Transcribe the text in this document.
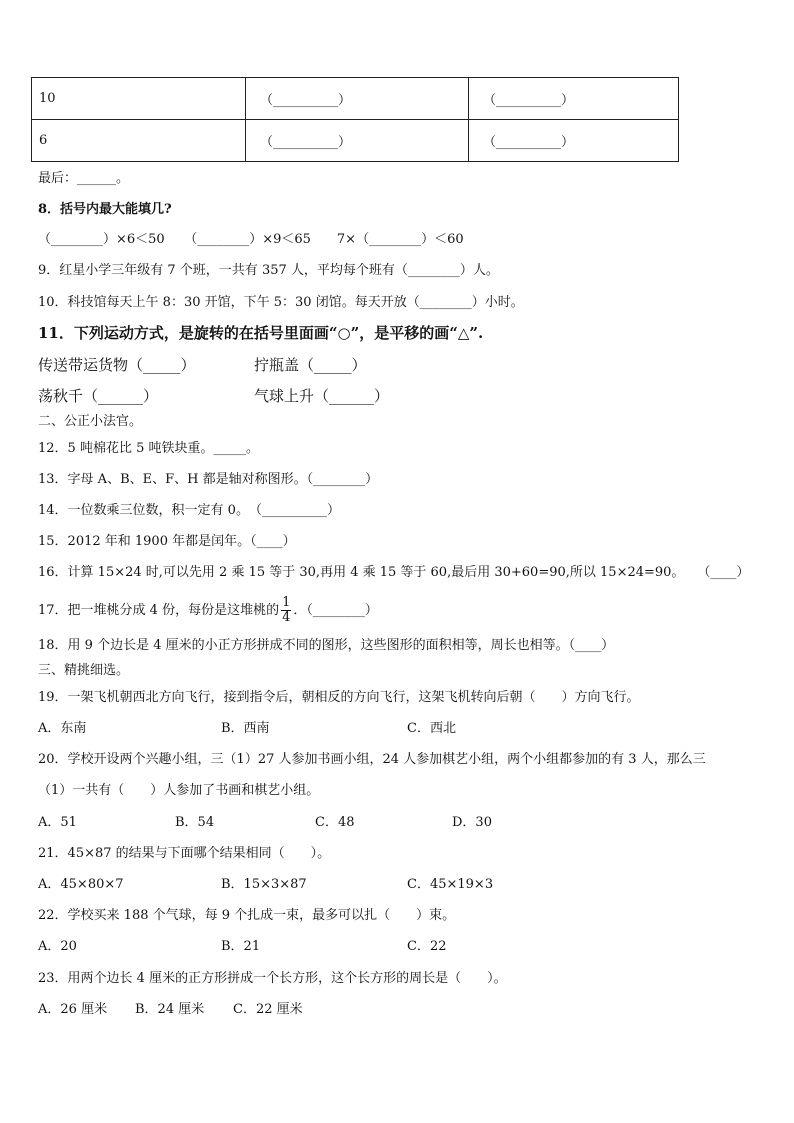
10	（__________）	（__________）
6	（__________）	（__________）
最后：______。
8．括号内最大能填几?
（________）×6＜50　　（________）×9＜65　　7×（________）＜60
9．红星小学三年级有 7 个班，一共有 357 人，平均每个班有（________）人。
10．科技馆每天上午 8：30 开馆，下午 5：30 闭馆。每天开放（________）小时。
11．下列运动方式，是旋转的在括号里面画“○”，是平移的画“△”.
传送带运货物（_____）	拧瓶盖（_____）
荡秋千（______）	气球上升（______）
二、公正小法官。
12．5 吨棉花比 5 吨铁块重。_____。
13．字母 A、B、E、F、H 都是轴对称图形。（________）
14．一位数乘三位数，积一定有 0。　（__________）
15．2012 年和 1900 年都是闰年。（____）
16．计算 15×24 时,可以先用 2 乘 15 等于 30,再用 4 乘 15 等于 60,最后用 30+60=90,所以 15×24=90。　　（____）
17．把一堆桃分成 4 份，每份是这堆桃的 $\frac{1}{4}$ ．（________）
18．用 9 个边长是 4 厘米的小正方形拼成不同的图形，这些图形的面积相等，周长也相等。（____）
三、精挑细选。
19．一架飞机朝西北方向飞行，接到指令后，朝相反的方向飞行，这架飞机转向后朝（　　）方向飞行。
A．东南	B．西南	C．西北
20．学校开设两个兴趣小组，三（1）27 人参加书画小组，24 人参加棋艺小组，两个小组都参加的有 3 人，那么三
（1）一共有（　　）人参加了书画和棋艺小组。
A．51	B．54	C．48	D．30
21．45×87 的结果与下面哪个结果相同（　　）。
A．45×80×7	B．15×3×87	C．45×19×3
22．学校买来 188 个气球，每 9 个扎成一束，最多可以扎（　　）束。
A．20	B．21	C．22
23．用两个边长 4 厘米的正方形拼成一个长方形，这个长方形的周长是（　　）。
A．26 厘米 B．24 厘米 C．22 厘米
